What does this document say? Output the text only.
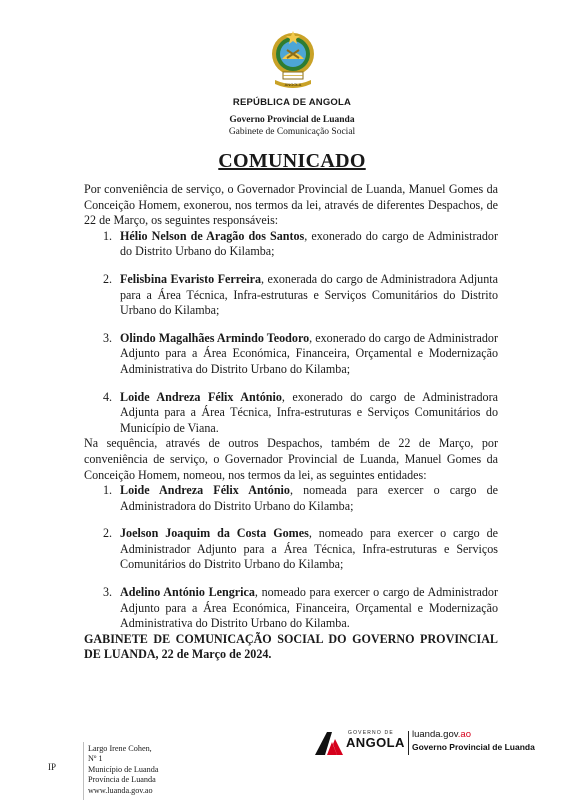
ANGOLA
REPÚBLICA DE ANGOLA
Governo Provincial de Luanda
Gabinete de Comunicação Social
COMUNICADO

Por conveniência de serviço, o Governador Provincial de Luanda, Manuel Gomes da Conceição Homem, exonerou, nos termos da lei, através de diferentes Despachos, de 22 de Março, os seguintes responsáveis:

1. Hélio Nelson de Aragão dos Santos, exonerado do cargo de Administrador do Distrito Urbano do Kilamba;
2. Felisbina Evaristo Ferreira, exonerada do cargo de Administradora Adjunta para a Área Técnica, Infra-estruturas e Serviços Comunitários do Distrito Urbano do Kilamba;
3. Olindo Magalhães Armindo Teodoro, exonerado do cargo de Administrador Adjunto para a Área Económica, Financeira, Orçamental e Modernização Administrativa do Distrito Urbano do Kilamba;
4. Loide Andreza Félix António, exonerado do cargo de Administradora Adjunta para a Área Técnica, Infra-estruturas e Serviços Comunitários do Município de Viana.

Na sequência, através de outros Despachos, também de 22 de Março, por conveniência de serviço, o Governador Provincial de Luanda, Manuel Gomes da Conceição Homem, nomeou, nos termos da lei, as seguintes entidades:

1. Loide Andreza Félix António, nomeada para exercer o cargo de Administradora do Distrito Urbano do Kilamba;
2. Joelson Joaquim da Costa Gomes, nomeado para exercer o cargo de Administrador Adjunto para a Área Técnica, Infra-estruturas e Serviços Comunitários do Distrito Urbano do Kilamba;
3. Adelino António Lengrica, nomeado para exercer o cargo de Administrador Adjunto para a Área Económica, Financeira, Orçamental e Modernização Administrativa do Distrito Urbano do Kilamba.

GABINETE DE COMUNICAÇÃO SOCIAL DO GOVERNO PROVINCIAL DE LUANDA, 22 de Março de 2024.

IP
Largo Irene Cohen,
Nº 1
Município de Luanda
Província de Luanda
www.luanda.gov.ao
GOVERNO DE
ANGOLA
luanda.gov.ao
Governo Provincial de Luanda
